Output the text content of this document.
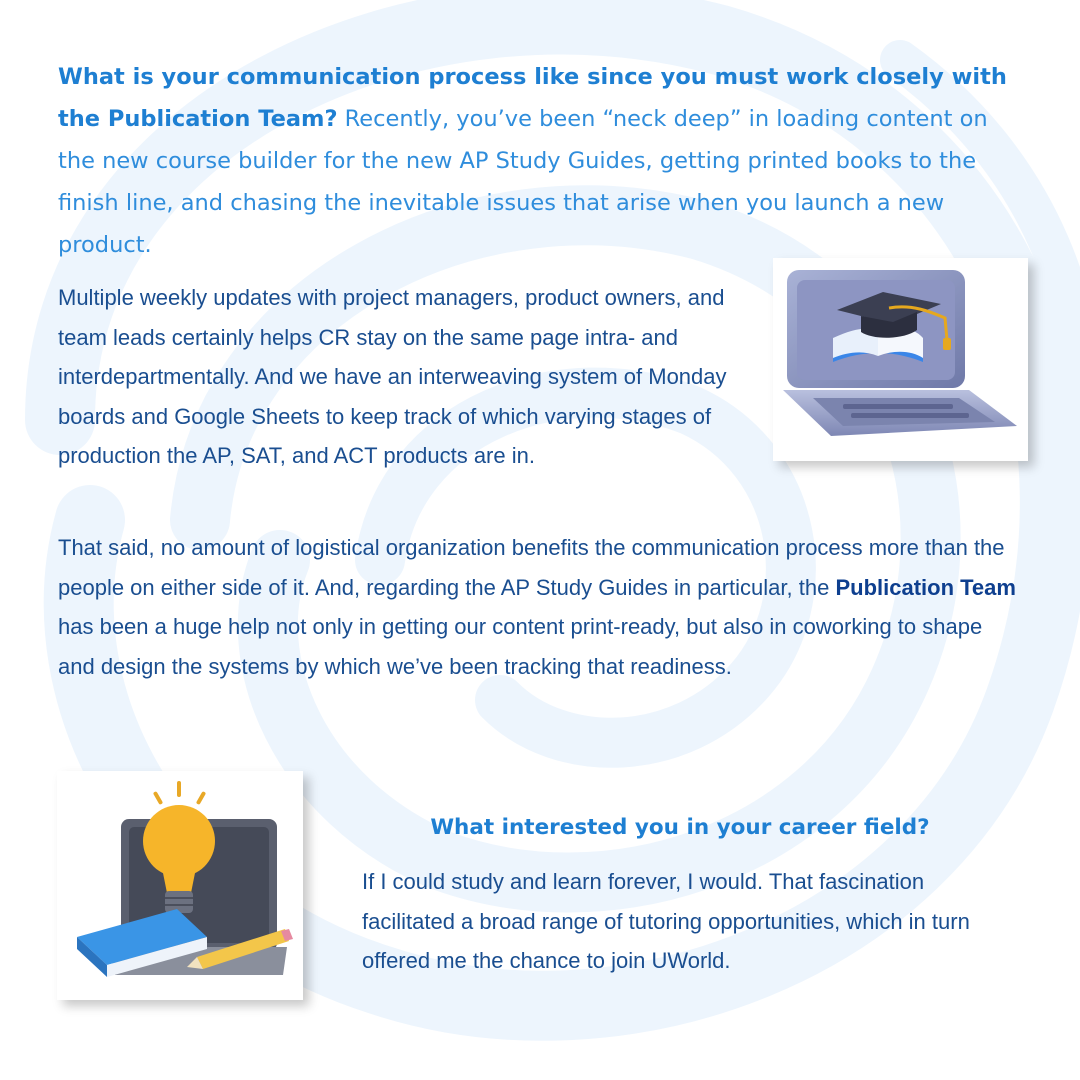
What is your communication process like since you must work closely with the Publication Team? Recently, you’ve been “neck deep” in loading content on the new course builder for the new AP Study Guides, getting printed books to the finish line, and chasing the inevitable issues that arise when you launch a new product.
Multiple weekly updates with project managers, product owners, and team leads certainly helps CR stay on the same page intra- and interdepartmentally. And we have an interweaving system of Monday boards and Google Sheets to keep track of which varying stages of production the AP, SAT, and ACT products are in.
That said, no amount of logistical organization benefits the communication process more than the people on either side of it. And, regarding the AP Study Guides in particular, the Publication Team has been a huge help not only in getting our content print-ready, but also in coworking to shape and design the systems by which we’ve been tracking that readiness.
What interested you in your career field?
If I could study and learn forever, I would. That fascination facilitated a broad range of tutoring opportunities, which in turn offered me the chance to join UWorld.
